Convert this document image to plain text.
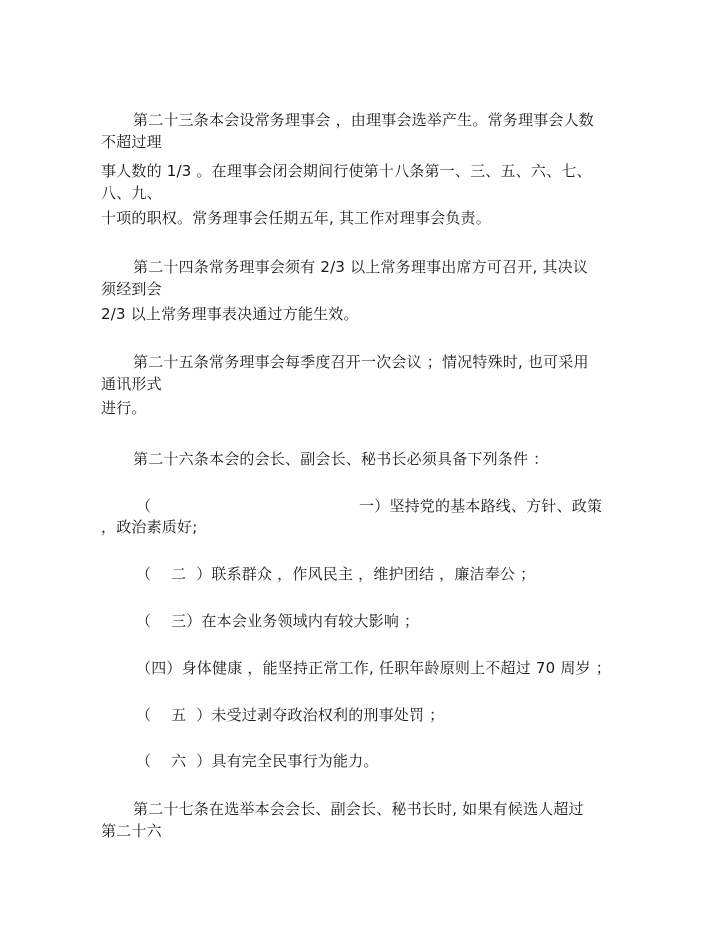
第二十三条本会设常务理事会 ，由理事会选举产生。常务理事会人数
不超过理
事人数的 1/3 。在理事会闭会期间行使第十八条第一、三、五、六、七、
八、九、
十项的职权。常务理事会任期五年, 其工作对理事会负责。
第二十四条常务理事会须有 2/3 以上常务理事出席方可召开, 其决议
须经到会
2/3 以上常务理事表决通过方能生效。
第二十五条常务理事会每季度召开一次会议 ；情况特殊时, 也可采用
通讯形式
进行。
第二十六条本会的会长、副会长、秘书长必须具备下列条件 ：
（	一）坚持党的基本路线、方针、政策
，政治素质好;
（    二  ）联系群众 ，作风民主 ，维护团结 ，廉洁奉公 ；
（    三）在本会业务领域内有较大影响 ；
（四）身体健康 ，能坚持正常工作, 任职年龄原则上不超过 70 周岁 ；
（    五  ）未受过剥夺政治权利的刑事处罚 ；
（    六  ）具有完全民事行为能力。
第二十七条在选举本会会长、副会长、秘书长时, 如果有候选人超过
第二十六
